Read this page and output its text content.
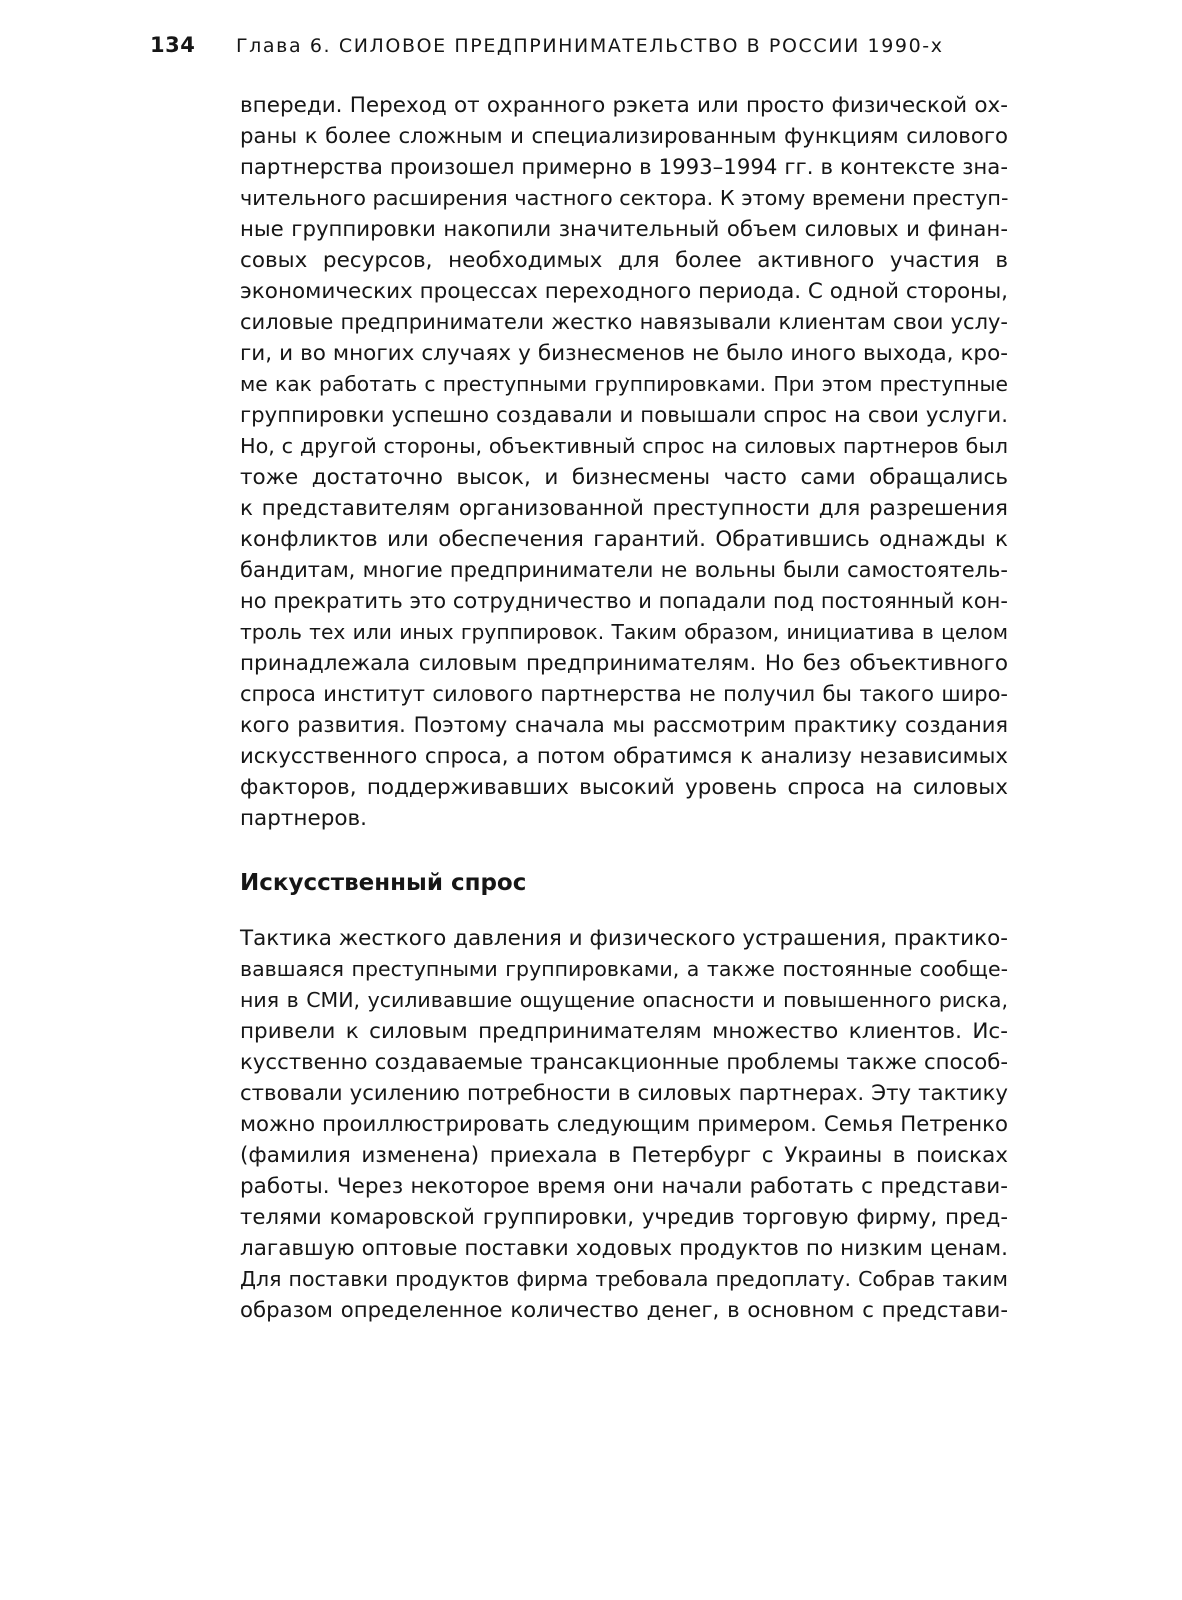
134	Глава 6. СИЛОВОЕ ПРЕДПРИНИМАТЕЛЬСТВО В РОССИИ 1990-х
впереди. Переход от охранного рэкета или просто физической ох-
раны к более сложным и специализированным функциям силового
партнерства произошел примерно в 1993–1994 гг. в контексте зна-
чительного расширения частного сектора. К этому времени преступ-
ные группировки накопили значительный объем силовых и финан-
совых ресурсов, необходимых для более активного участия в
экономических процессах переходного периода. С одной стороны,
силовые предприниматели жестко навязывали клиентам свои услу-
ги, и во многих случаях у бизнесменов не было иного выхода, кро-
ме как работать с преступными группировками. При этом преступные
группировки успешно создавали и повышали спрос на свои услуги.
Но, с другой стороны, объективный спрос на силовых партнеров был
тоже достаточно высок, и бизнесмены часто сами обращались
к представителям организованной преступности для разрешения
конфликтов или обеспечения гарантий. Обратившись однажды к
бандитам, многие предприниматели не вольны были самостоятель-
но прекратить это сотрудничество и попадали под постоянный кон-
троль тех или иных группировок. Таким образом, инициатива в целом
принадлежала силовым предпринимателям. Но без объективного
спроса институт силового партнерства не получил бы такого широ-
кого развития. Поэтому сначала мы рассмотрим практику создания
искусственного спроса, а потом обратимся к анализу независимых
факторов, поддерживавших высокий уровень спроса на силовых
партнеров.
Искусственный спрос
Тактика жесткого давления и физического устрашения, практико-
вавшаяся преступными группировками, а также постоянные сообще-
ния в СМИ, усиливавшие ощущение опасности и повышенного риска,
привели к силовым предпринимателям множество клиентов. Ис-
кусственно создаваемые трансакционные проблемы также способ-
ствовали усилению потребности в силовых партнерах. Эту тактику
можно проиллюстрировать следующим примером. Семья Петренко
(фамилия изменена) приехала в Петербург с Украины в поисках
работы. Через некоторое время они начали работать с представи-
телями комаровской группировки, учредив торговую фирму, пред-
лагавшую оптовые поставки ходовых продуктов по низким ценам.
Для поставки продуктов фирма требовала предоплату. Собрав таким
образом определенное количество денег, в основном с представи-
